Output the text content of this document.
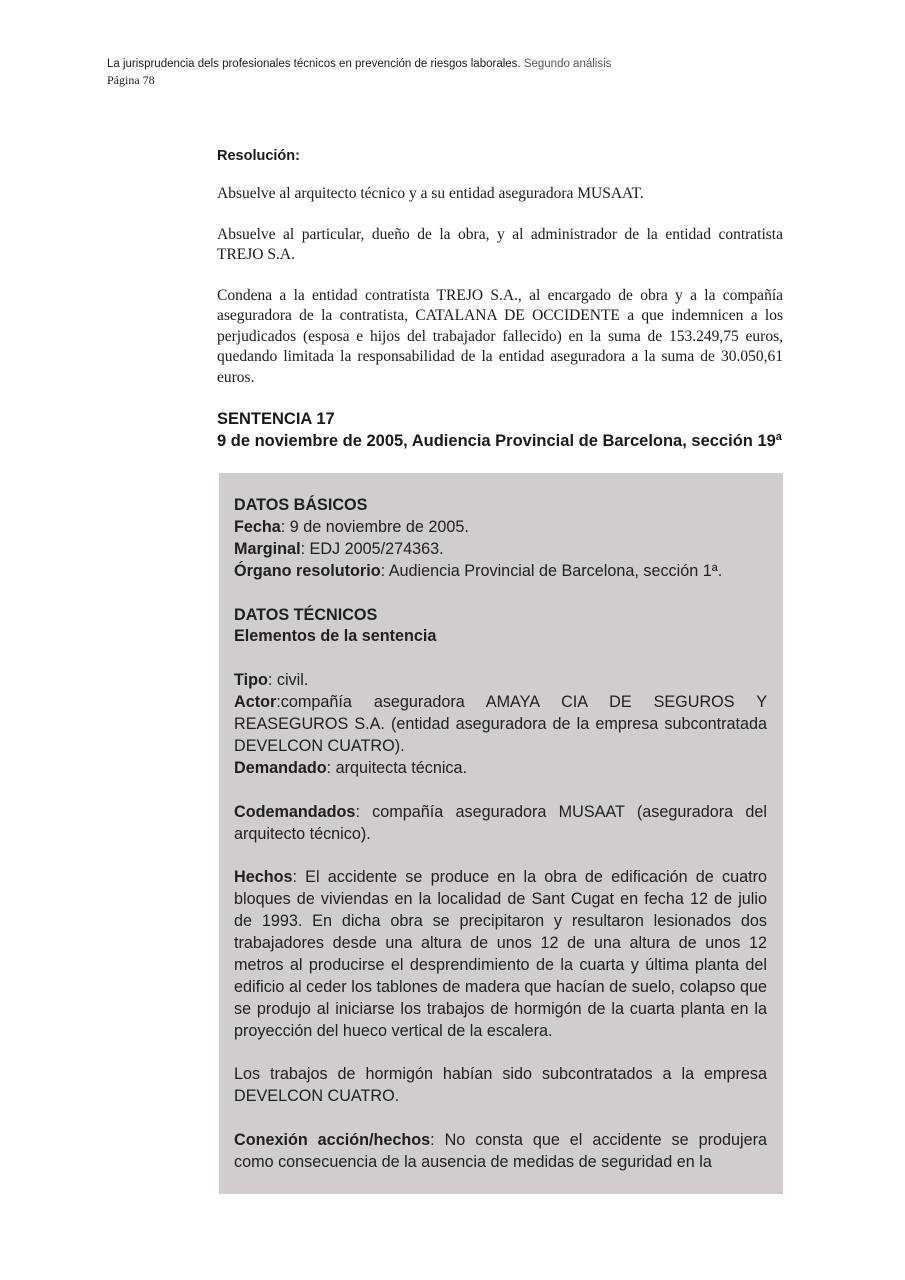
La jurisprudencia dels profesionales técnicos en prevención de riesgos laborales. Segundo análisis
Página 78
Resolución:

Absuelve al arquitecto técnico y a su entidad aseguradora MUSAAT.

Absuelve al particular, dueño de la obra, y al administrador de la entidad contratista TREJO S.A.

Condena a la entidad contratista TREJO S.A., al encargado de obra y a la compañía aseguradora de la contratista, CATALANA DE OCCIDENTE a que indemnicen a los perjudicados (esposa e hijos del trabajador fallecido) en la suma de 153.249,75 euros, quedando limitada la responsabilidad de la entidad aseguradora a la suma de 30.050,61 euros.

SENTENCIA 17
9 de noviembre de 2005, Audiencia Provincial de Barcelona, sección 19ª

DATOS BÁSICOS

Fecha: 9 de noviembre de 2005.

Marginal: EDJ 2005/274363.

Órgano resolutorio: Audiencia Provincial de Barcelona, sección 1ª.

DATOS TÉCNICOS

Elementos de la sentencia

Tipo: civil.

Actor:compañía aseguradora AMAYA CIA DE SEGUROS Y REASEGUROS S.A. (entidad aseguradora de la empresa subcontratada DEVELCON CUATRO).

Demandado: arquitecta técnica.

Codemandados: compañía aseguradora MUSAAT (aseguradora del arquitecto técnico).

Hechos: El accidente se produce en la obra de edificación de cuatro bloques de viviendas en la localidad de Sant Cugat en fecha 12 de julio de 1993. En dicha obra se precipitaron y resultaron lesionados dos trabajadores desde una altura de unos 12 de una altura de unos 12 metros al producirse el desprendimiento de la cuarta y última planta del edificio al ceder los tablones de madera que hacían de suelo, colapso que se produjo al iniciarse los trabajos de hormigón de la cuarta planta en la proyección del hueco vertical de la escalera.

Los trabajos de hormigón habían sido subcontratados a la empresa DEVELCON CUATRO.

Conexión acción/hechos: No consta que el accidente se produjera como consecuencia de la ausencia de medidas de seguridad en la
